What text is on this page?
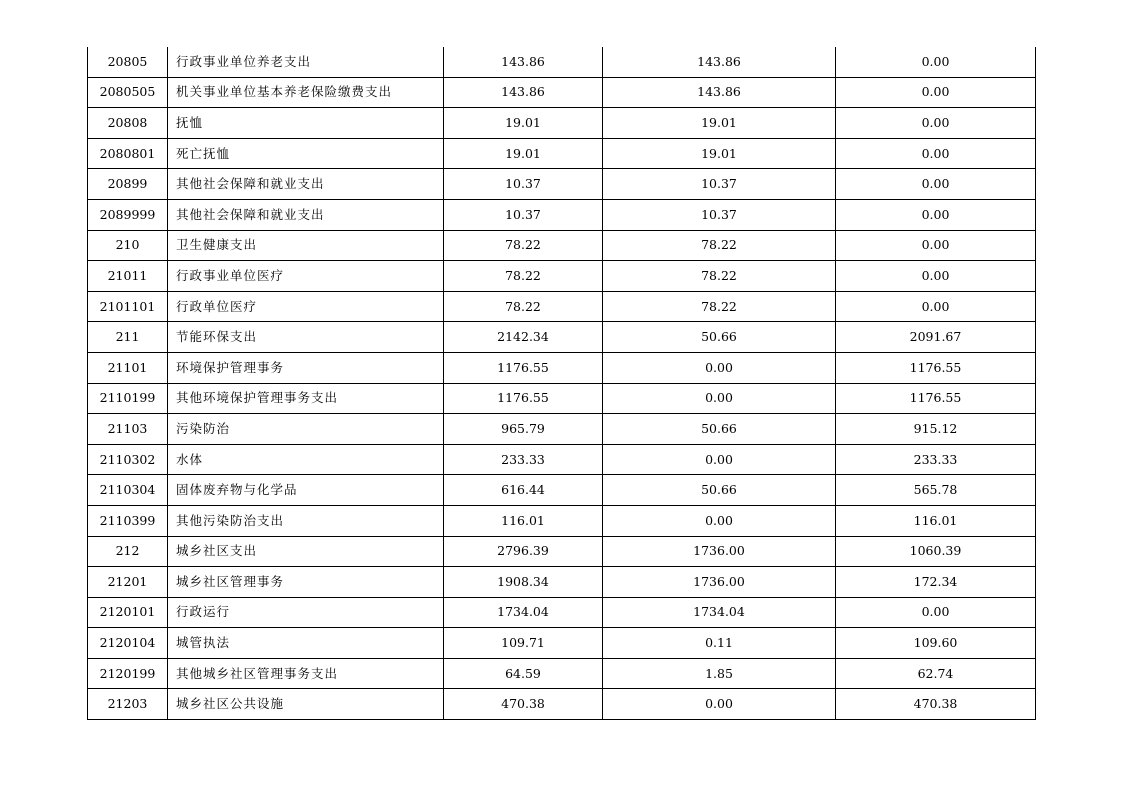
20805	行政事业单位养老支出	143.86	143.86	0.00
2080505	机关事业单位基本养老保险缴费支出	143.86	143.86	0.00
20808	抚恤	19.01	19.01	0.00
2080801	死亡抚恤	19.01	19.01	0.00
20899	其他社会保障和就业支出	10.37	10.37	0.00
2089999	其他社会保障和就业支出	10.37	10.37	0.00
210	卫生健康支出	78.22	78.22	0.00
21011	行政事业单位医疗	78.22	78.22	0.00
2101101	行政单位医疗	78.22	78.22	0.00
211	节能环保支出	2142.34	50.66	2091.67
21101	环境保护管理事务	1176.55	0.00	1176.55
2110199	其他环境保护管理事务支出	1176.55	0.00	1176.55
21103	污染防治	965.79	50.66	915.12
2110302	水体	233.33	0.00	233.33
2110304	固体废弃物与化学品	616.44	50.66	565.78
2110399	其他污染防治支出	116.01	0.00	116.01
212	城乡社区支出	2796.39	1736.00	1060.39
21201	城乡社区管理事务	1908.34	1736.00	172.34
2120101	行政运行	1734.04	1734.04	0.00
2120104	城管执法	109.71	0.11	109.60
2120199	其他城乡社区管理事务支出	64.59	1.85	62.74
21203	城乡社区公共设施	470.38	0.00	470.38
